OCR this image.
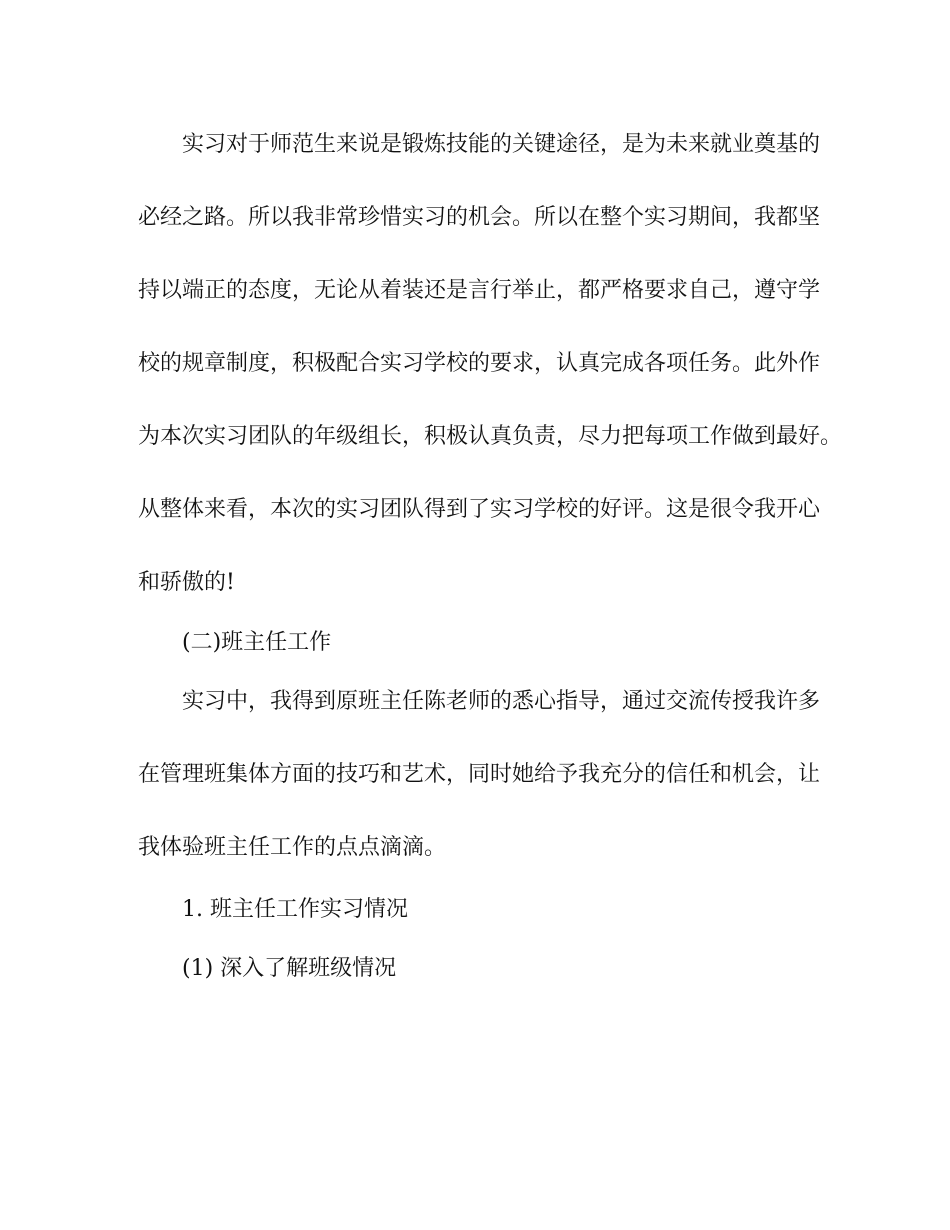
实习对于师范生来说是锻炼技能的关键途径，是为未来就业奠基的
必经之路。所以我非常珍惜实习的机会。所以在整个实习期间，我都坚
持以端正的态度，无论从着装还是言行举止，都严格要求自己，遵守学
校的规章制度，积极配合实习学校的要求，认真完成各项任务。此外作
为本次实习团队的年级组长，积极认真负责，尽力把每项工作做到最好。
从整体来看，本次的实习团队得到了实习学校的好评。这是很令我开心
和骄傲的!
(二)班主任工作
实习中，我得到原班主任陈老师的悉心指导，通过交流传授我许多
在管理班集体方面的技巧和艺术，同时她给予我充分的信任和机会，让
我体验班主任工作的点点滴滴。
1. 班主任工作实习情况
(1) 深入了解班级情况
